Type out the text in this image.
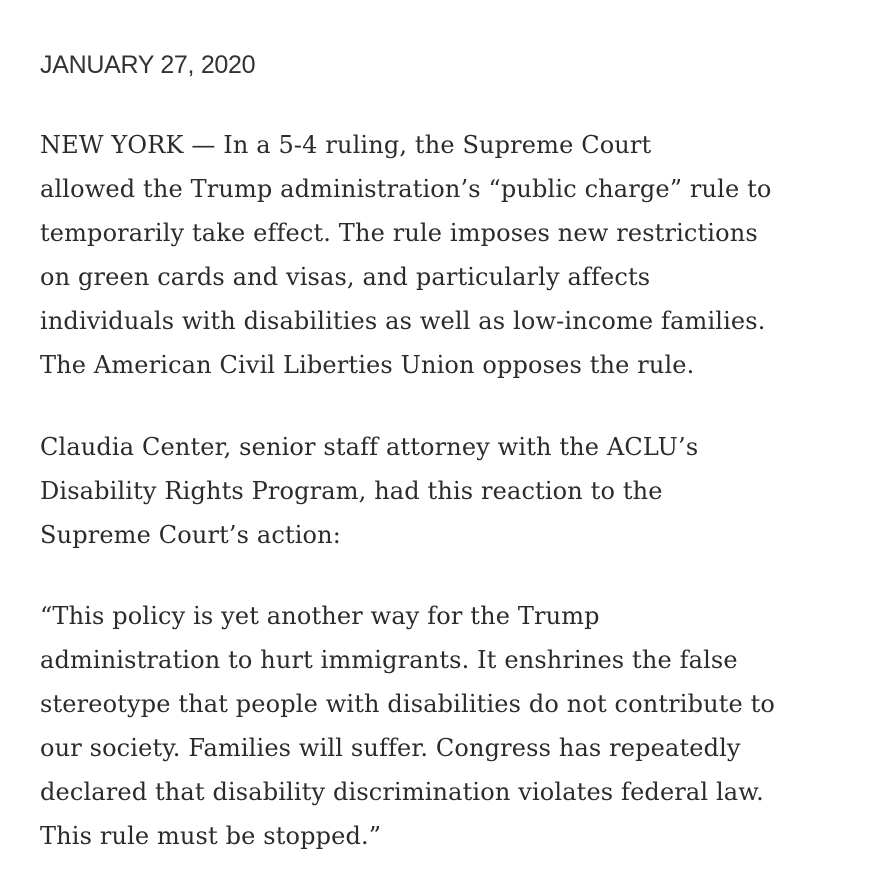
JANUARY 27, 2020

NEW YORK — In a 5-4 ruling, the Supreme Court
allowed the Trump administration’s “public charge” rule to
temporarily take effect. The rule imposes new restrictions
on green cards and visas, and particularly affects
individuals with disabilities as well as low-income families.
The American Civil Liberties Union opposes the rule.

Claudia Center, senior staff attorney with the ACLU’s
Disability Rights Program, had this reaction to the
Supreme Court’s action:

“This policy is yet another way for the Trump
administration to hurt immigrants. It enshrines the false
stereotype that people with disabilities do not contribute to
our society. Families will suffer. Congress has repeatedly
declared that disability discrimination violates federal law.
This rule must be stopped.”
